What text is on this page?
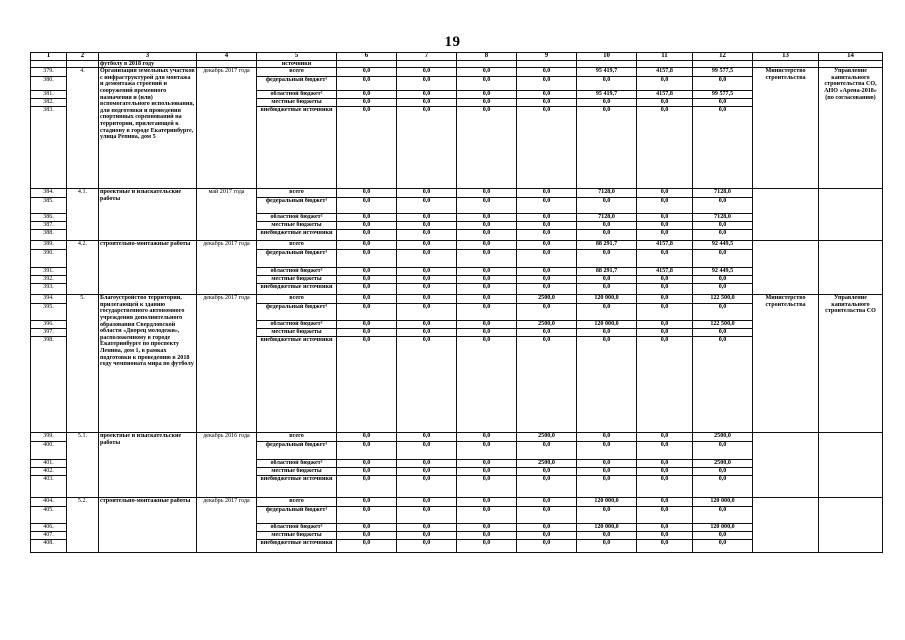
19
1	2	3	4	5	6	7	8	9	10	11	12	13	14
		футболу в 2018 году		источники									
379.	4.	Организация земельных участков с инфраструктурой для монтажа и демонтажа строений и сооружений временного назначения и (или) вспомогательного использования, для подготовки и проведения спортивных соревнований на территории, прилегающей к стадиону в городе Екатеринбурге, улица Репина, дом 5	декабрь 2017 года	всего	0,0	0,0	0,0	0,0	95 419,7	4157,8	99 577,5	Министерство строительства	Управление капитального строительства СО, АНО «Арена-2018» (по согласованию)
380.				федеральный бюджет¹	0,0	0,0	0,0	0,0	0,0	0,0	0,0		
381.				областной бюджет²	0,0	0,0	0,0	0,0	95 419,7	4157,8	99 577,5		
382.				местные бюджеты	0,0	0,0	0,0	0,0	0,0	0,0	0,0		
383.				внебюджетные источники	0,0	0,0	0,0	0,0	0,0	0,0	0,0		
384.	4.1.	проектные и изыскательские работы	май 2017 года	всего	0,0	0,0	0,0	0,0	7128,0	0,0	7128,0		
385.				федеральный бюджет¹	0,0	0,0	0,0	0,0	0,0	0,0	0,0		
386.				областной бюджет²	0,0	0,0	0,0	0,0	7128,0	0,0	7128,0		
387.				местные бюджеты	0,0	0,0	0,0	0,0	0,0	0,0	0,0		
388.				внебюджетные источники	0,0	0,0	0,0	0,0	0,0	0,0	0,0		
389.	4.2.	строительно-монтажные работы	декабрь 2017 года	всего	0,0	0,0	0,0	0,0	88 291,7	4157,8	92 449,5		
390.				федеральный бюджет¹	0,0	0,0	0,0	0,0	0,0	0,0	0,0		
391.				областной бюджет²	0,0	0,0	0,0	0,0	88 291,7	4157,8	92 449,5		
392.				местные бюджеты	0,0	0,0	0,0	0,0	0,0	0,0	0,0		
393.				внебюджетные источники	0,0	0,0	0,0	0,0	0,0	0,0	0,0		
394.	5.	Благоустройство территории, прилегающей к зданию государственного автономного учреждения дополнительного образования Свердловской области «Дворец молодежи», расположенному в городе Екатеринбурге по проспекту Ленина, дом 1, в рамках подготовки к проведению в 2018 году чемпионата мира по футболу	декабрь 2017 года	всего	0,0	0,0	0,0	2500,0	120 000,0	0,0	122 500,0	Министерство строительства	Управление капитального строительства СО
395.				федеральный бюджет¹	0,0	0,0	0,0	0,0	0,0	0,0	0,0		
396.				областной бюджет²	0,0	0,0	0,0	2500,0	120 000,0	0,0	122 500,0		
397.				местные бюджеты	0,0	0,0	0,0	0,0	0,0	0,0	0,0		
398.				внебюджетные источники	0,0	0,0	0,0	0,0	0,0	0,0	0,0		
399.	5.1.	проектные и изыскательские работы	декабрь 2016 года	всего	0,0	0,0	0,0	2500,0	0,0	0,0	2500,0		
400.				федеральный бюджет¹	0,0	0,0	0,0	0,0	0,0	0,0	0,0		
401.				областной бюджет²	0,0	0,0	0,0	2500,0	0,0	0,0	2500,0		
402.				местные бюджеты	0,0	0,0	0,0	0,0	0,0	0,0	0,0		
403.				внебюджетные источники	0,0	0,0	0,0	0,0	0,0	0,0	0,0		
404.	5.2.	строительно-монтажные работы	декабрь 2017 года	всего	0,0	0,0	0,0	0,0	120 000,0	0,0	120 000,0		
405.				федеральный бюджет¹	0,0	0,0	0,0	0,0	0,0	0,0	0,0		
406.				областной бюджет²	0,0	0,0	0,0	0,0	120 000,0	0,0	120 000,0		
407.				местные бюджеты	0,0	0,0	0,0	0,0	0,0	0,0	0,0		
408.				внебюджетные источники	0,0	0,0	0,0	0,0	0,0	0,0	0,0		
